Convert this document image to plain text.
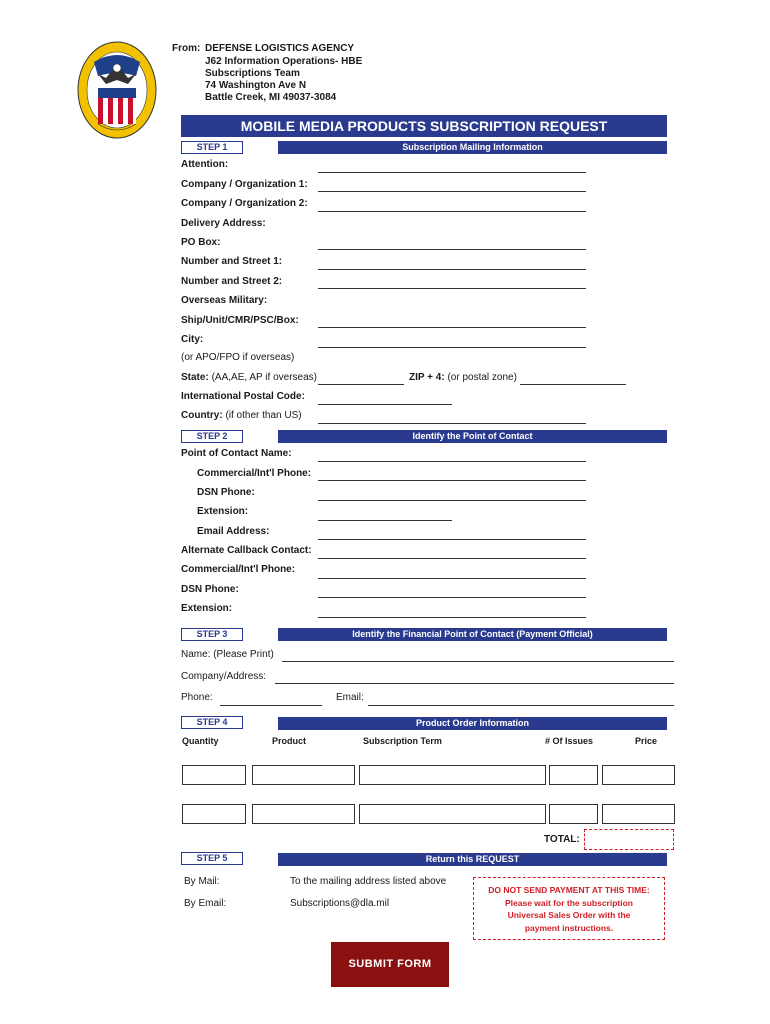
From: DEFENSE LOGISTICS AGENCY
J62 Information Operations- HBE
Subscriptions Team
74 Washington Ave N
Battle Creek, MI 49037-3084
MOBILE MEDIA PRODUCTS SUBSCRIPTION REQUEST
STEP 1	Subscription Mailing Information
Attention:
Company / Organization 1:
Company / Organization 2:
Delivery Address:
PO Box:
Number and Street 1:
Number and Street 2:
Overseas Military:
Ship/Unit/CMR/PSC/Box:
City:
(or APO/FPO if overseas)
State: (AA,AE, AP if overseas)	ZIP + 4: (or postal zone)
International Postal Code:
Country: (if other than US)
STEP 2	Identify the Point of Contact
Point of Contact Name:
Commercial/Int'l Phone:
DSN Phone:
Extension:
Email Address:
Alternate Callback Contact:
Commercial/Int'l Phone:
DSN Phone:
Extension:
STEP 3	Identify the Financial Point of Contact (Payment Official)
Name: (Please Print)
Company/Address:
Phone:	Email:
STEP 4	Product Order Information
Quantity	Product	Subscription Term	# Of Issues	Price
TOTAL:
STEP 5	Return this REQUEST
By Mail:	To the mailing address listed above
By Email:	Subscriptions@dla.mil
DO NOT SEND PAYMENT AT THIS TIME:
Please wait for the subscription
Universal Sales Order with the
payment instructions.
SUBMIT FORM
